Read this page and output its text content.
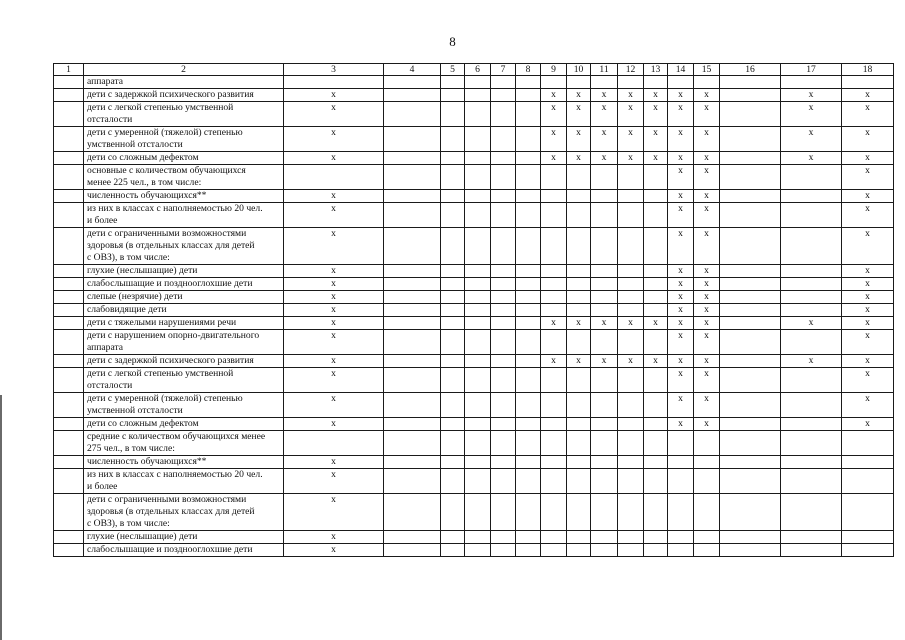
8
1	2	3	4	5	6	7	8	9	10	11	12	13	14	15	16	17	18

	аппарата																

	дети с задержкой психического развития	x						x	x	x	x	x	x	x		x	x

	дети с легкой степенью умственной
отсталости	x						x	x	x	x	x	x	x		x	x

	дети с умеренной (тяжелой) степенью
умственной отсталости	x						x	x	x	x	x	x	x		x	x

	дети со сложным дефектом	x						x	x	x	x	x	x	x		x	x

	основные с количеством обучающихся
менее 225 чел., в том числе:												x	x			x

	численность обучающихся**	x											x	x			x

	из них в классах с наполняемостью 20 чел.
и более	x											x	x			x

	дети с ограниченными возможностями
здоровья (в отдельных классах для детей
с ОВЗ), в том числе:	x											x	x			x

	глухие (неслышащие) дети	x											x	x			x

	слабослышащие и позднооглохшие дети	x											x	x			x

	слепые (незрячие) дети	x											x	x			x

	слабовидящие дети	x											x	x			x

	дети с тяжелыми нарушениями речи	x						x	x	x	x	x	x	x		x	x

	дети с нарушением опорно-двигательного
аппарата	x											x	x			x

	дети с задержкой психического развития	x						x	x	x	x	x	x	x		x	x

	дети с легкой степенью умственной
отсталости	x											x	x			x

	дети с умеренной (тяжелой) степенью
умственной отсталости	x											x	x			x

	дети со сложным дефектом	x											x	x			x

	средние с количеством обучающихся менее
275 чел., в том числе:																

	численность обучающихся**	x															

	из них в классах с наполняемостью 20 чел.
и более	x															

	дети с ограниченными возможностями
здоровья (в отдельных классах для детей
с ОВЗ), в том числе:	x															

	глухие (неслышащие) дети	x															

	слабослышащие и позднооглохшие дети	x															
